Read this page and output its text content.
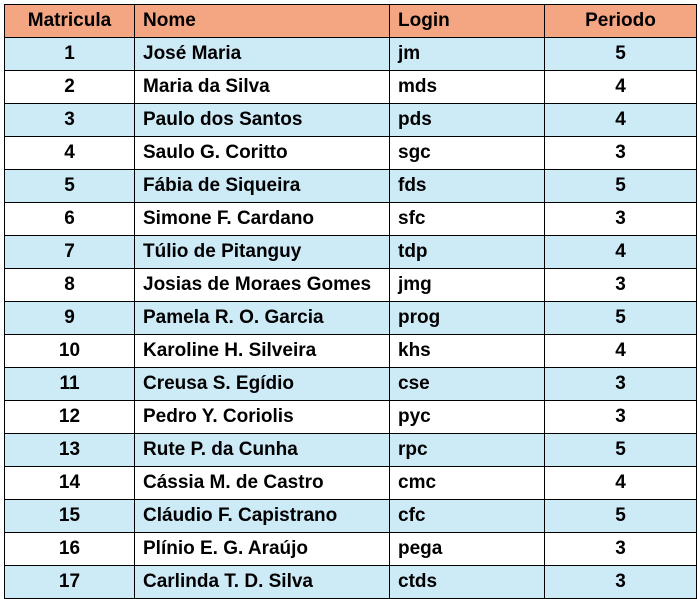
Matricula	Nome	Login	Periodo
1	José Maria	jm	5
2	Maria da Silva	mds	4
3	Paulo dos Santos	pds	4
4	Saulo G. Coritto	sgc	3
5	Fábia de Siqueira	fds	5
6	Simone F. Cardano	sfc	3
7	Túlio de Pitanguy	tdp	4
8	Josias de Moraes Gomes	jmg	3
9	Pamela R. O. Garcia	prog	5
10	Karoline H. Silveira	khs	4
11	Creusa S. Egídio	cse	3
12	Pedro Y. Coriolis	pyc	3
13	Rute P. da Cunha	rpc	5
14	Cássia M. de Castro	cmc	4
15	Cláudio F. Capistrano	cfc	5
16	Plínio E. G. Araújo	pega	3
17	Carlinda T. D. Silva	ctds	3
